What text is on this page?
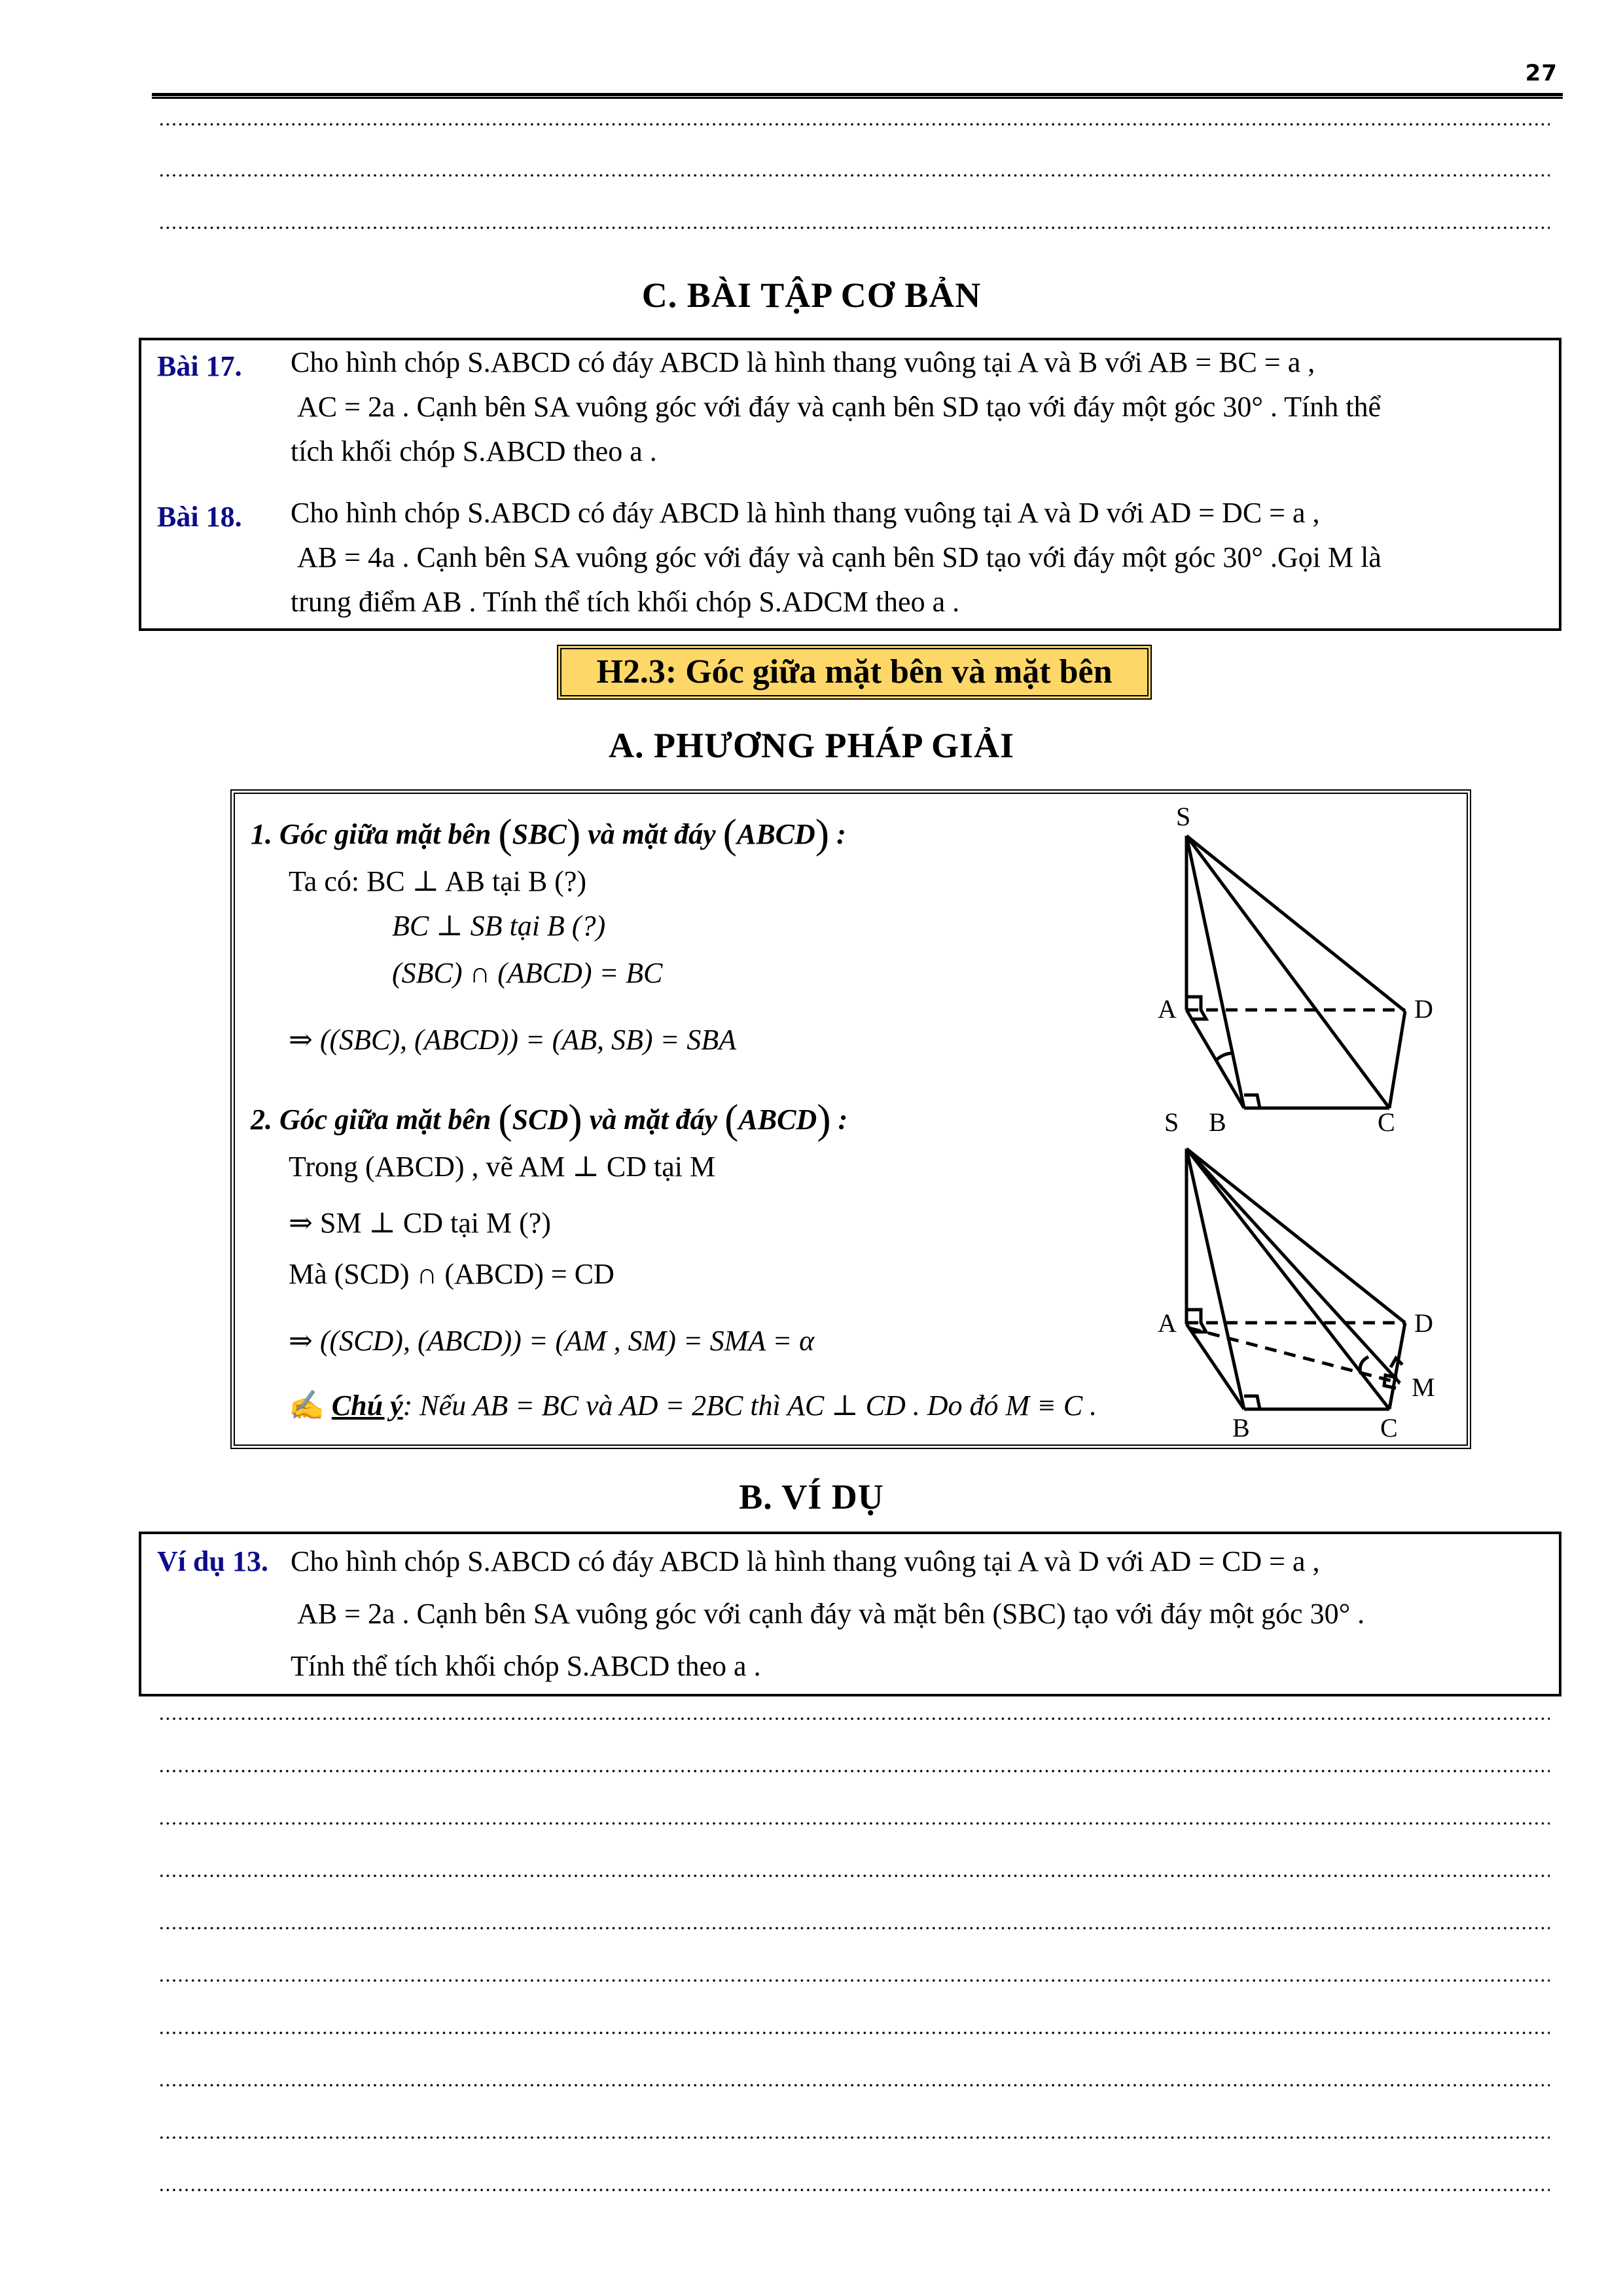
27
C. BÀI TẬP CƠ BẢN
Bài 17. Cho hình chóp S.ABCD có đáy ABCD là hình thang vuông tại A và B với AB = BC = a ,
AC = 2a . Cạnh bên SA vuông góc với đáy và cạnh bên SD tạo với đáy một góc 30° . Tính thể
tích khối chóp S.ABCD theo a .
Bài 18. Cho hình chóp S.ABCD có đáy ABCD là hình thang vuông tại A và D với AD = DC = a ,
AB = 4a . Cạnh bên SA vuông góc với đáy và cạnh bên SD tạo với đáy một góc 30° .Gọi M là
trung điểm AB . Tính thể tích khối chóp S.ADCM theo a .
H2.3: Góc giữa mặt bên và mặt bên
A. PHƯƠNG PHÁP GIẢI
1. Góc giữa mặt bên (SBC) và mặt đáy (ABCD) :
Ta có: BC ⊥ AB tại B (?)
BC ⊥ SB tại B (?)
(SBC) ∩ (ABCD) = BC
⇒ ((SBC), (ABCD)) = (AB, SB) = SBA
2. Góc giữa mặt bên (SCD) và mặt đáy (ABCD) :
Trong (ABCD) , vẽ AM ⊥ CD tại M
⇒ SM ⊥ CD tại M (?)
Mà (SCD) ∩ (ABCD) = CD
⇒ ((SCD), (ABCD)) = (AM , SM) = SMA = α
✍ Chú ý: Nếu AB = BC và AD = 2BC thì AC ⊥ CD . Do đó M ≡ C .
S
A	D
S B	C
A	D
M
B	C
B. VÍ DỤ
Ví dụ 13. Cho hình chóp S.ABCD có đáy ABCD là hình thang vuông tại A và D với AD = CD = a ,
AB = 2a . Cạnh bên SA vuông góc với cạnh đáy và mặt bên (SBC) tạo với đáy một góc 30° .
Tính thể tích khối chóp S.ABCD theo a .
